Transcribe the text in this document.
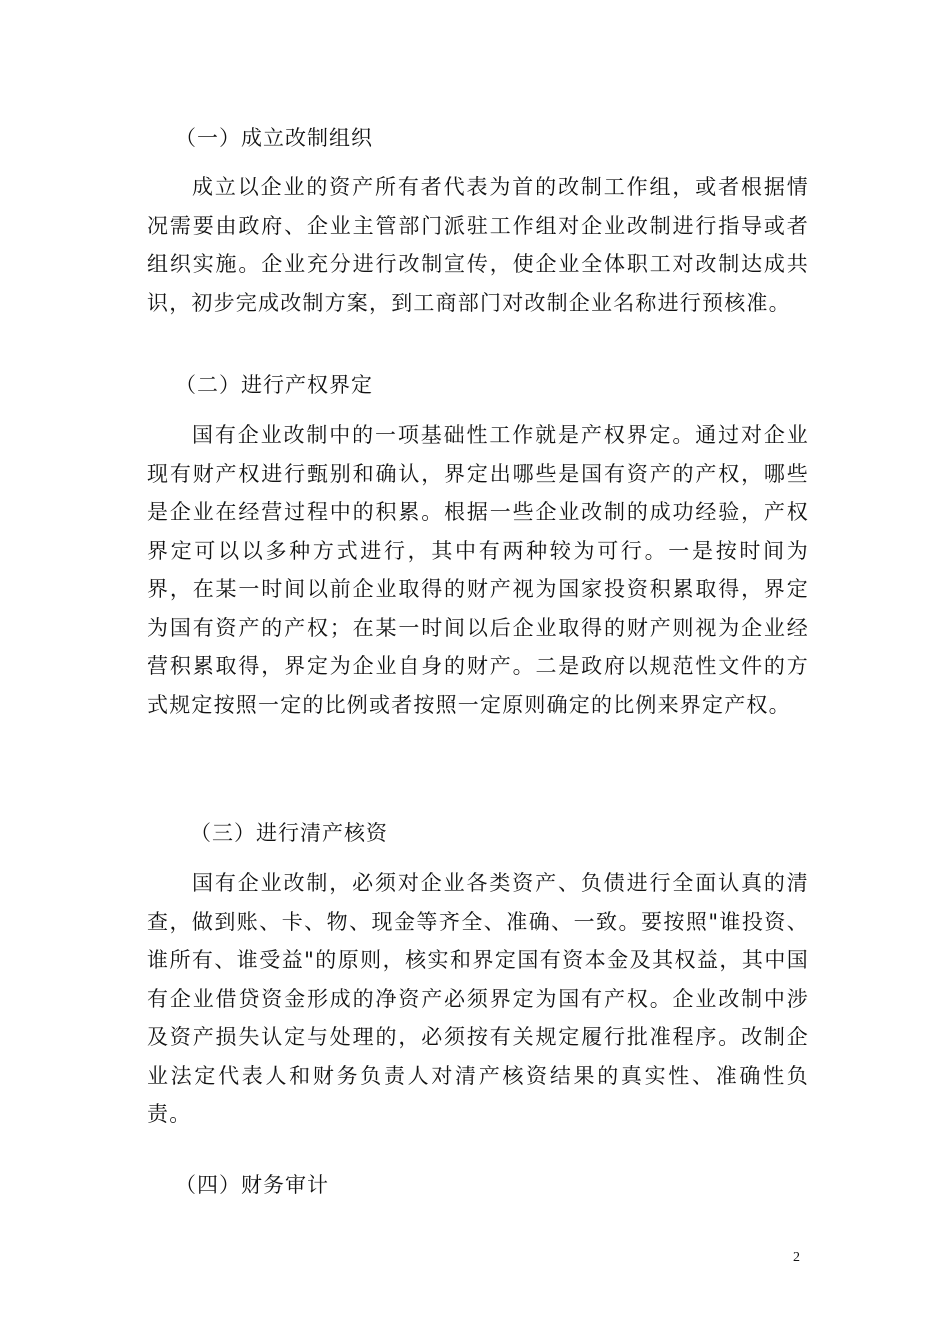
（一）成立改制组织
成立以企业的资产所有者代表为首的改制工作组，或者根据情况需要由政府、企业主管部门派驻工作组对企业改制进行指导或者组织实施。企业充分进行改制宣传，使企业全体职工对改制达成共识，初步完成改制方案，到工商部门对改制企业名称进行预核准。
（二）进行产权界定
国有企业改制中的一项基础性工作就是产权界定。通过对企业现有财产权进行甄别和确认，界定出哪些是国有资产的产权，哪些是企业在经营过程中的积累。根据一些企业改制的成功经验，产权界定可以以多种方式进行，其中有两种较为可行。一是按时间为界，在某一时间以前企业取得的财产视为国家投资积累取得，界定为国有资产的产权；在某一时间以后企业取得的财产则视为企业经营积累取得，界定为企业自身的财产。二是政府以规范性文件的方式规定按照一定的比例或者按照一定原则确定的比例来界定产权。
（三）进行清产核资
国有企业改制，必须对企业各类资产、负债进行全面认真的清查，做到账、卡、物、现金等齐全、准确、一致。要按照"谁投资、谁所有、谁受益"的原则，核实和界定国有资本金及其权益，其中国有企业借贷资金形成的净资产必须界定为国有产权。企业改制中涉及资产损失认定与处理的，必须按有关规定履行批准程序。改制企业法定代表人和财务负责人对清产核资结果的真实性、准确性负责。
（四）财务审计
2
